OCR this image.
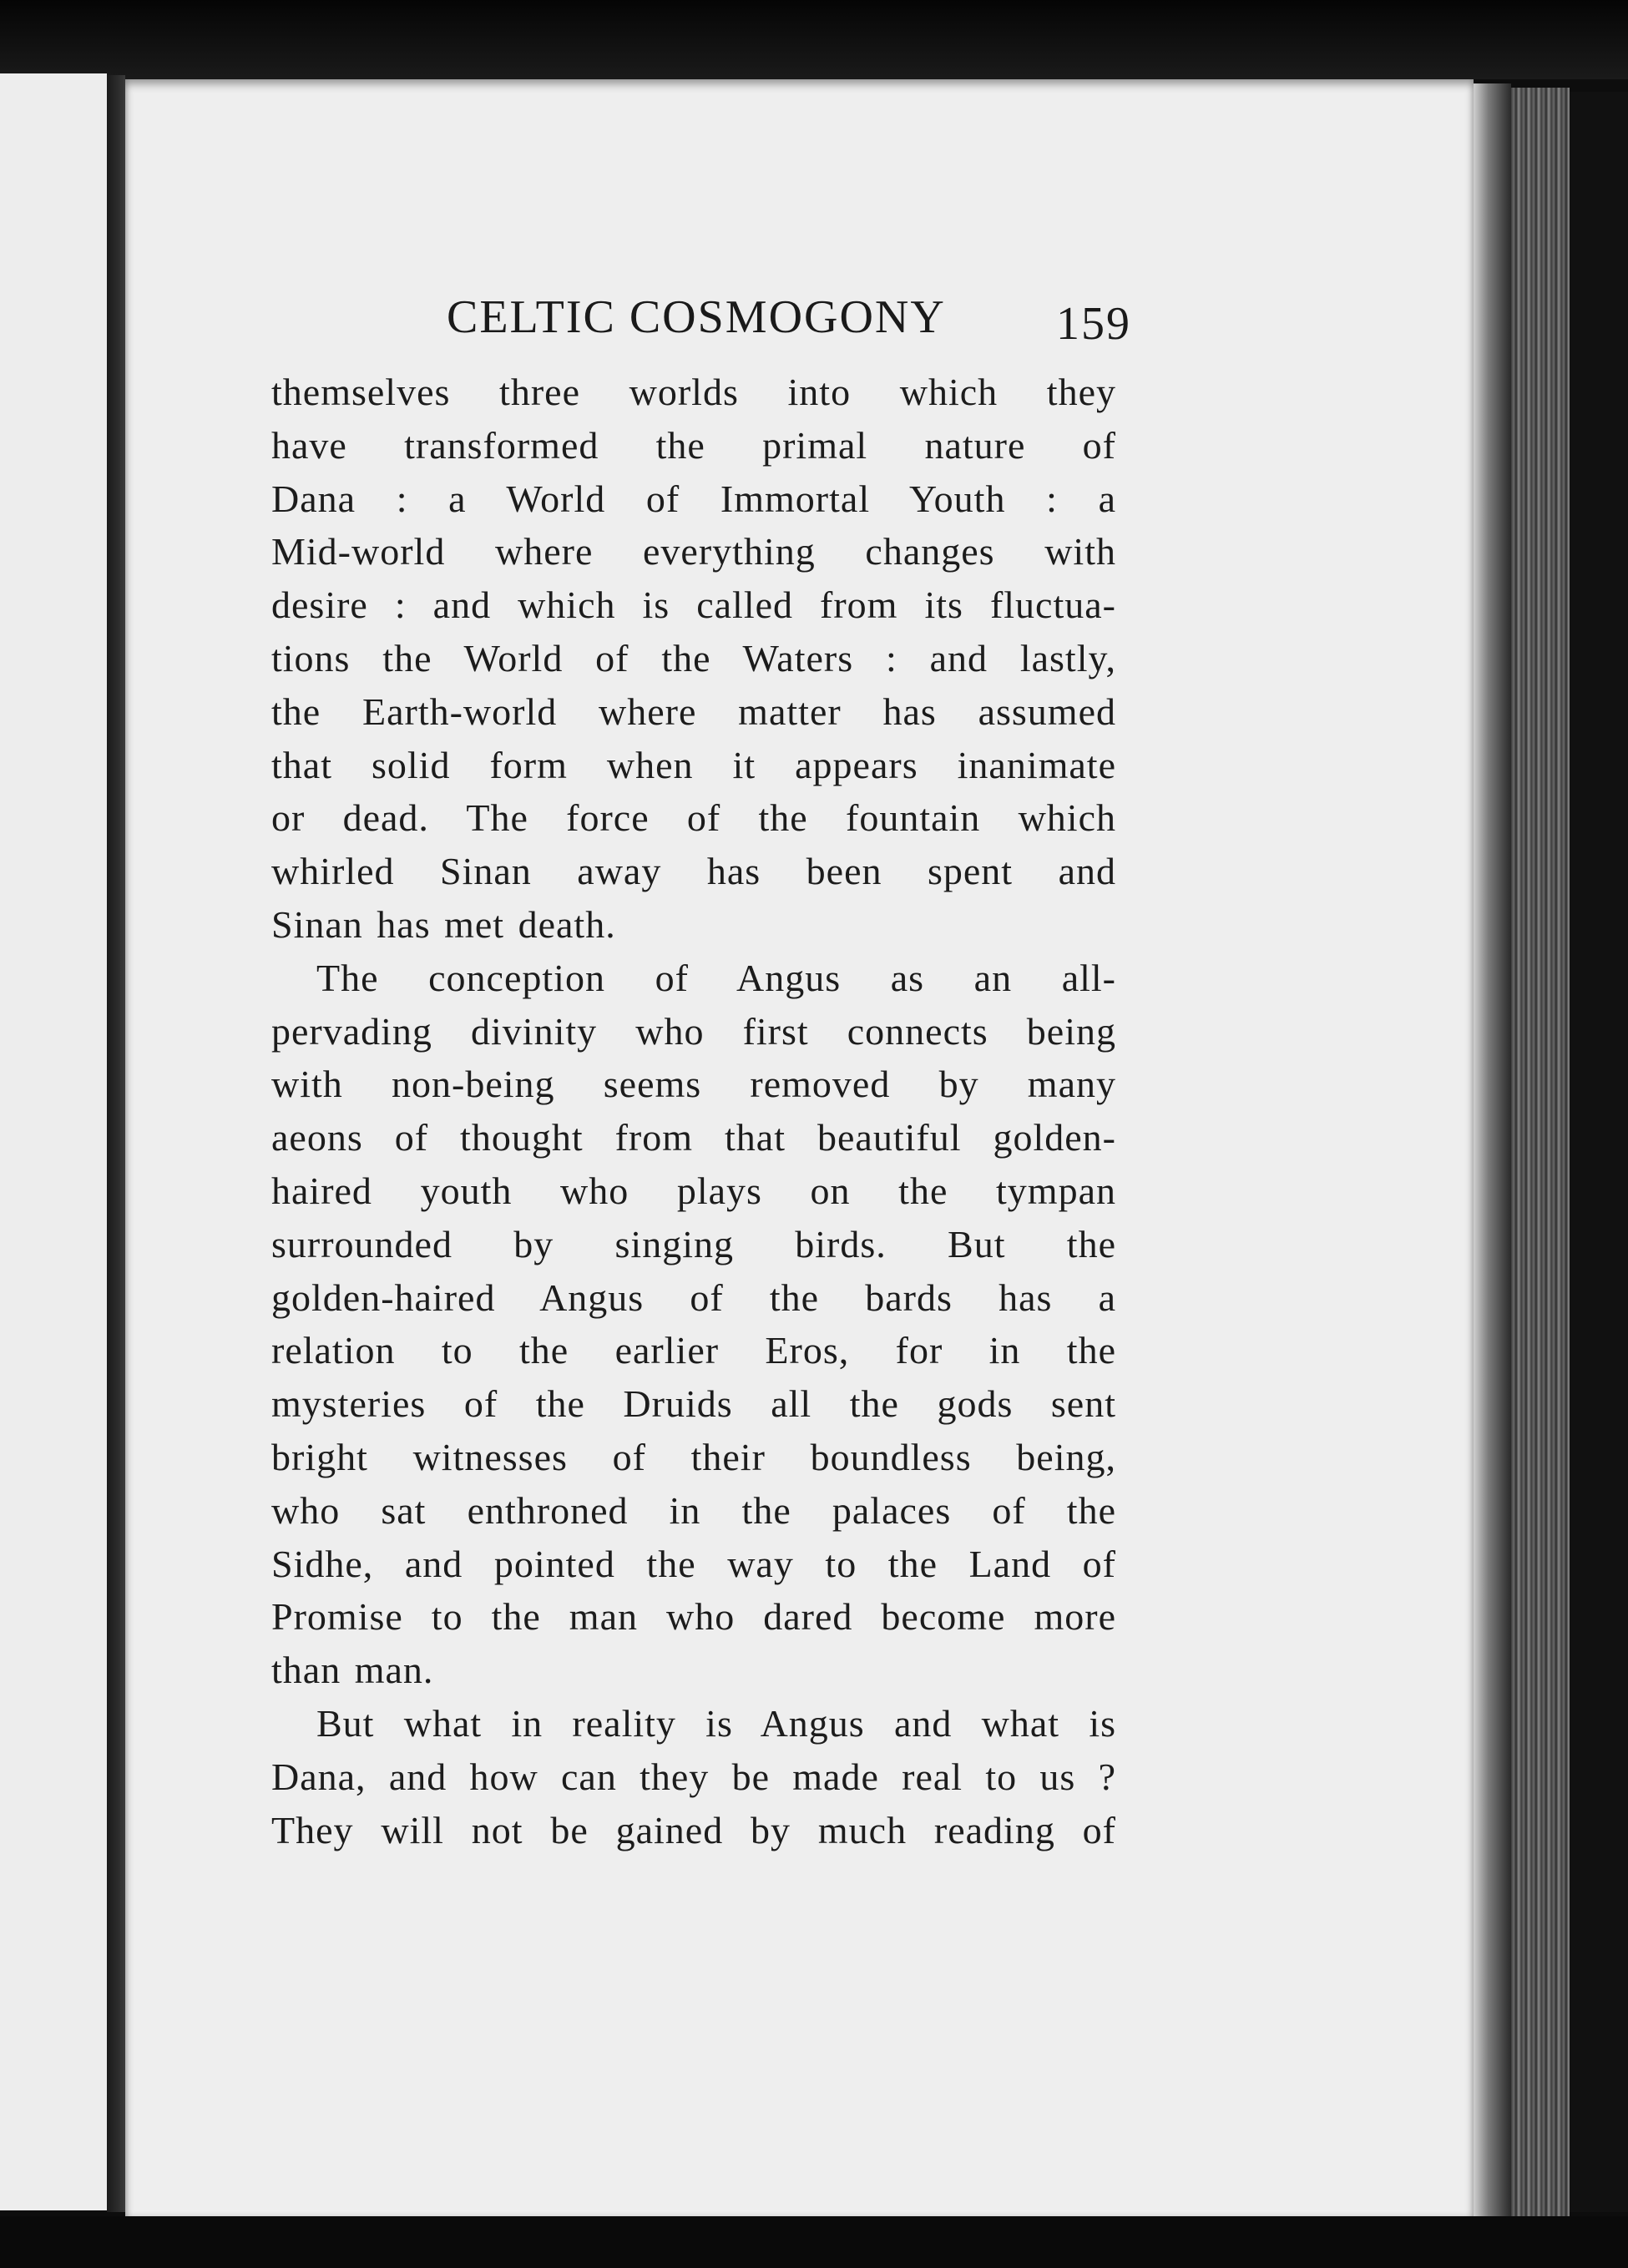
CELTIC COSMOGONY 159
themselves three worlds into which they
have transformed the primal nature of
Dana : a World of Immortal Youth : a
Mid-world where everything changes with
desire : and which is called from its fluctua-
tions the World of the Waters : and lastly,
the Earth-world where matter has assumed
that solid form when it appears inanimate
or dead. The force of the fountain which
whirled Sinan away has been spent and
Sinan has met death.
The conception of Angus as an all-
pervading divinity who first connects being
with non-being seems removed by many
aeons of thought from that beautiful golden-
haired youth who plays on the tympan
surrounded by singing birds. But the
golden-haired Angus of the bards has a
relation to the earlier Eros, for in the
mysteries of the Druids all the gods sent
bright witnesses of their boundless being,
who sat enthroned in the palaces of the
Sidhe, and pointed the way to the Land of
Promise to the man who dared become more
than man.
But what in reality is Angus and what is
Dana, and how can they be made real to us ?
They will not be gained by much reading of
